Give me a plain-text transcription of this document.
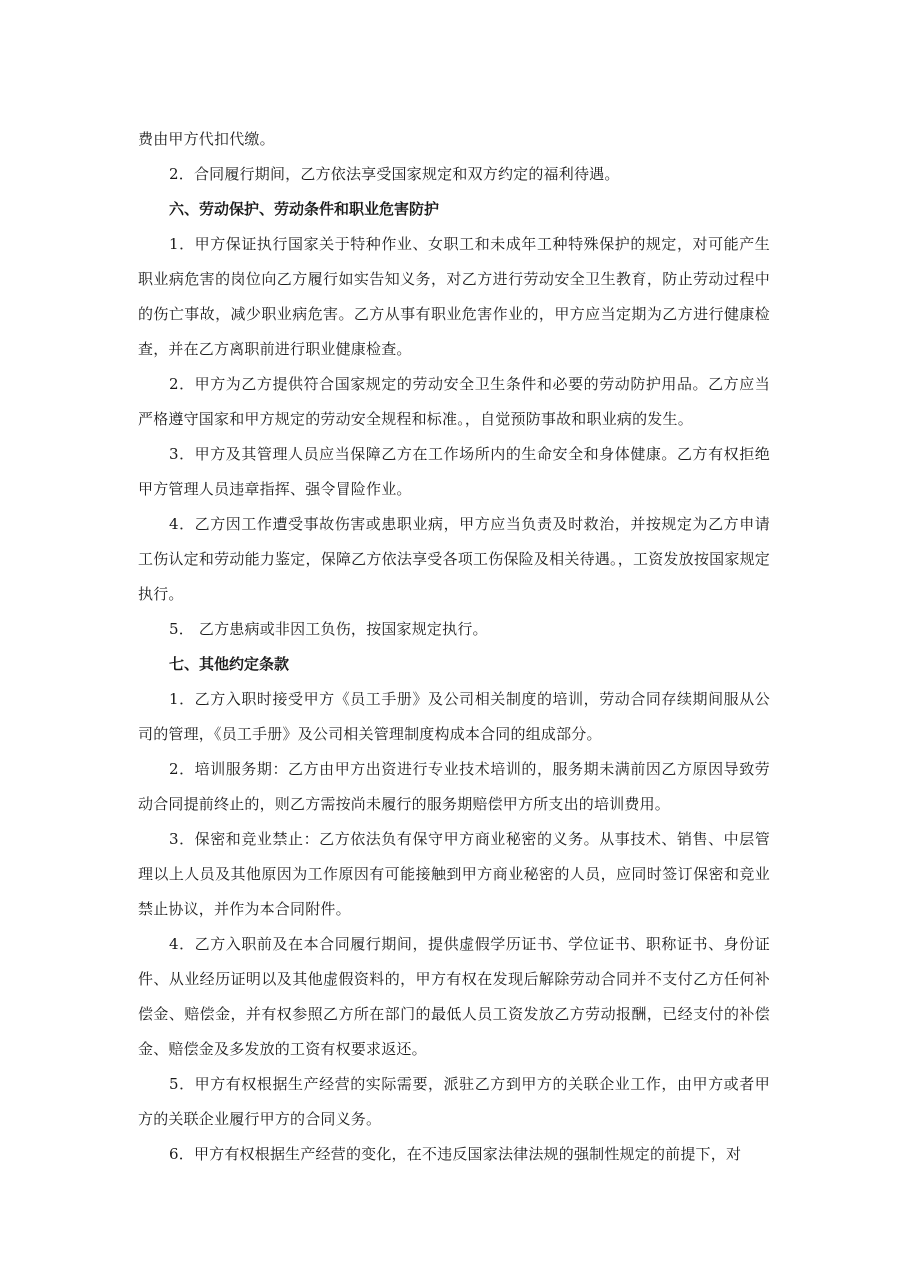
费由甲方代扣代缴。

2．合同履行期间，乙方依法享受国家规定和双方约定的福利待遇。

六、劳动保护、劳动条件和职业危害防护

1．甲方保证执行国家关于特种作业、女职工和未成年工种特殊保护的规定，对可能产生职业病危害的岗位向乙方履行如实告知义务，对乙方进行劳动安全卫生教育，防止劳动过程中的伤亡事故，减少职业病危害。乙方从事有职业危害作业的，甲方应当定期为乙方进行健康检查，并在乙方离职前进行职业健康检查。

2．甲方为乙方提供符合国家规定的劳动安全卫生条件和必要的劳动防护用品。乙方应当严格遵守国家和甲方规定的劳动安全规程和标准。，自觉预防事故和职业病的发生。

3．甲方及其管理人员应当保障乙方在工作场所内的生命安全和身体健康。乙方有权拒绝甲方管理人员违章指挥、强令冒险作业。

4．乙方因工作遭受事故伤害或患职业病，甲方应当负责及时救治，并按规定为乙方申请工伤认定和劳动能力鉴定，保障乙方依法享受各项工伤保险及相关待遇。，工资发放按国家规定执行。

5． 乙方患病或非因工负伤，按国家规定执行。

七、其他约定条款

1．乙方入职时接受甲方《员工手册》及公司相关制度的培训，劳动合同存续期间服从公司的管理，《员工手册》及公司相关管理制度构成本合同的组成部分。

2．培训服务期：乙方由甲方出资进行专业技术培训的，服务期未满前因乙方原因导致劳动合同提前终止的，则乙方需按尚未履行的服务期赔偿甲方所支出的培训费用。

3．保密和竞业禁止：乙方依法负有保守甲方商业秘密的义务。从事技术、销售、中层管理以上人员及其他原因为工作原因有可能接触到甲方商业秘密的人员，应同时签订保密和竞业禁止协议，并作为本合同附件。

4．乙方入职前及在本合同履行期间，提供虚假学历证书、学位证书、职称证书、身份证件、从业经历证明以及其他虚假资料的，甲方有权在发现后解除劳动合同并不支付乙方任何补偿金、赔偿金，并有权参照乙方所在部门的最低人员工资发放乙方劳动报酬，已经支付的补偿金、赔偿金及多发放的工资有权要求返还。

5．甲方有权根据生产经营的实际需要，派驻乙方到甲方的关联企业工作，由甲方或者甲方的关联企业履行甲方的合同义务。

6．甲方有权根据生产经营的变化，在不违反国家法律法规的强制性规定的前提下，对
